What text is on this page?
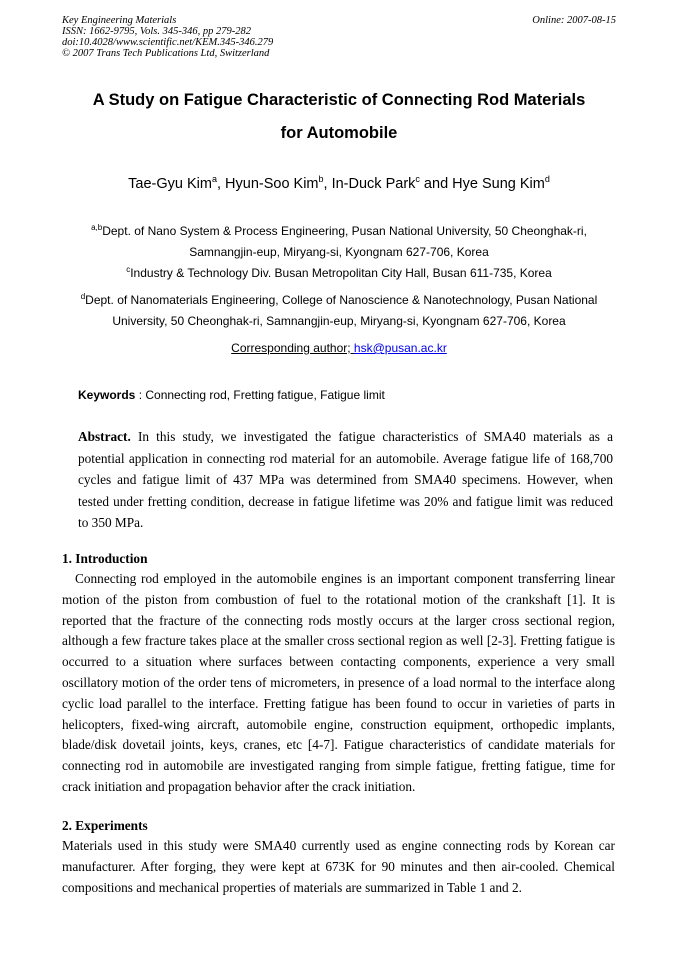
Key Engineering Materials
ISSN: 1662-9795, Vols. 345-346, pp 279-282
doi:10.4028/www.scientific.net/KEM.345-346.279
© 2007 Trans Tech Publications Ltd, Switzerland
Online: 2007-08-15
A Study on Fatigue Characteristic of Connecting Rod Materials
for Automobile
Tae-Gyu Kim$^a$, Hyun-Soo Kim$^b$, In-Duck Park$^c$ and Hye Sung Kim$^d$
$^{a,b}$Dept. of Nano System & Process Engineering, Pusan National University, 50 Cheonghak-ri,
Samnangjin-eup, Miryang-si, Kyongnam 627-706, Korea
$^c$Industry & Technology Div. Busan Metropolitan City Hall, Busan 611-735, Korea
$^d$Dept. of Nanomaterials Engineering, College of Nanoscience & Nanotechnology, Pusan National
University, 50 Cheonghak-ri, Samnangjin-eup, Miryang-si, Kyongnam 627-706, Korea
Corresponding author; hsk@pusan.ac.kr
Keywords : Connecting rod, Fretting fatigue, Fatigue limit
Abstract. In this study, we investigated the fatigue characteristics of SMA40 materials as a potential application in connecting rod material for an automobile. Average fatigue life of 168,700 cycles and fatigue limit of 437 MPa was determined from SMA40 specimens. However, when tested under fretting condition, decrease in fatigue lifetime was 20% and fatigue limit was reduced to 350 MPa.
1. Introduction
Connecting rod employed in the automobile engines is an important component transferring linear motion of the piston from combustion of fuel to the rotational motion of the crankshaft [1]. It is reported that the fracture of the connecting rods mostly occurs at the larger cross sectional region, although a few fracture takes place at the smaller cross sectional region as well [2-3]. Fretting fatigue is occurred to a situation where surfaces between contacting components, experience a very small oscillatory motion of the order tens of micrometers, in presence of a load normal to the interface along cyclic load parallel to the interface. Fretting fatigue has been found to occur in varieties of parts in helicopters, fixed-wing aircraft, automobile engine, construction equipment, orthopedic implants, blade/disk dovetail joints, keys, cranes, etc [4-7]. Fatigue characteristics of candidate materials for connecting rod in automobile are investigated ranging from simple fatigue, fretting fatigue, time for crack initiation and propagation behavior after the crack initiation.
2. Experiments
Materials used in this study were SMA40 currently used as engine connecting rods by Korean car manufacturer. After forging, they were kept at 673K for 90 minutes and then air-cooled. Chemical compositions and mechanical properties of materials are summarized in Table 1 and 2.
